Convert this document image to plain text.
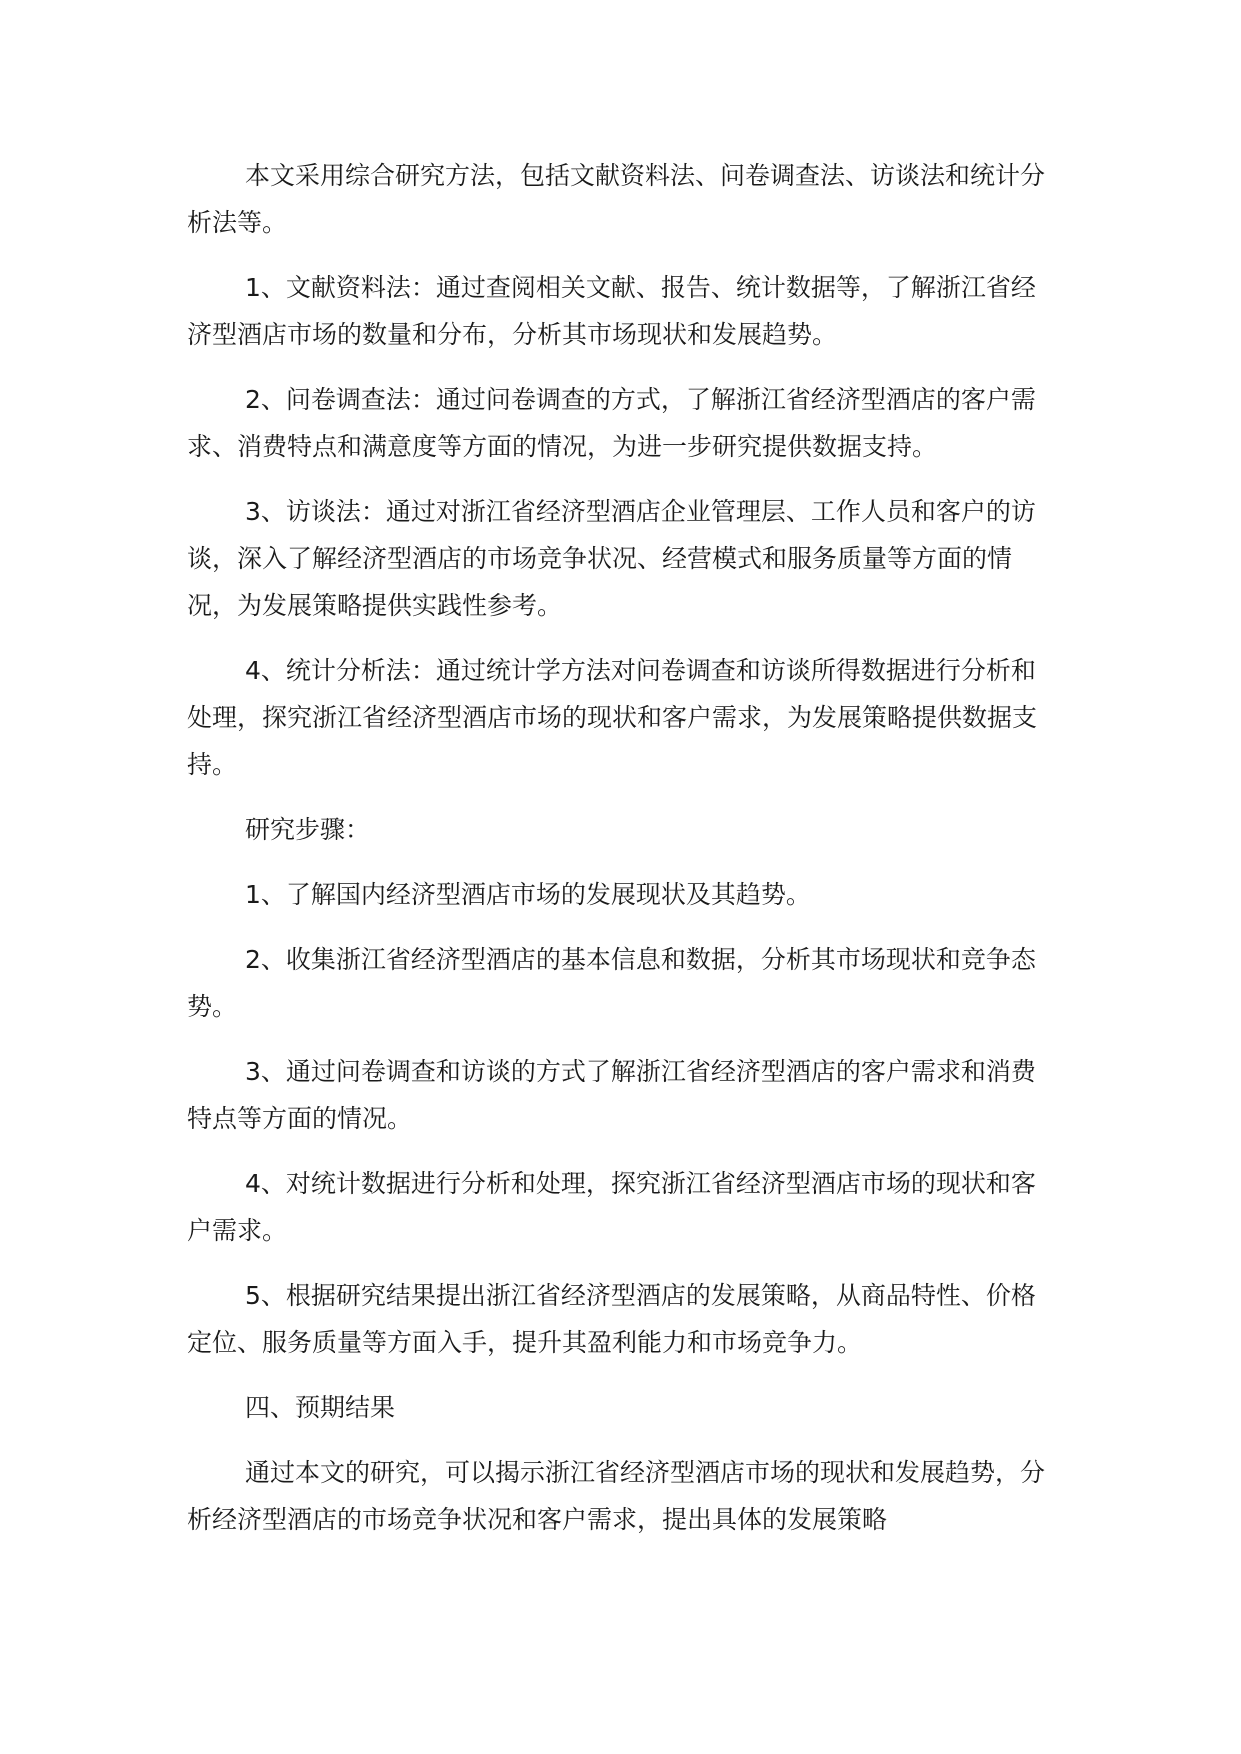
本文采用综合研究方法，包括文献资料法、问卷调查法、访谈法和统计分析法等。

1、文献资料法：通过查阅相关文献、报告、统计数据等，了解浙江省经济型酒店市场的数量和分布，分析其市场现状和发展趋势。

2、问卷调查法：通过问卷调查的方式，了解浙江省经济型酒店的客户需求、消费特点和满意度等方面的情况，为进一步研究提供数据支持。

3、访谈法：通过对浙江省经济型酒店企业管理层、工作人员和客户的访谈，深入了解经济型酒店的市场竞争状况、经营模式和服务质量等方面的情况，为发展策略提供实践性参考。

4、统计分析法：通过统计学方法对问卷调查和访谈所得数据进行分析和处理，探究浙江省经济型酒店市场的现状和客户需求，为发展策略提供数据支持。

研究步骤：

1、了解国内经济型酒店市场的发展现状及其趋势。

2、收集浙江省经济型酒店的基本信息和数据，分析其市场现状和竞争态势。

3、通过问卷调查和访谈的方式了解浙江省经济型酒店的客户需求和消费特点等方面的情况。

4、对统计数据进行分析和处理，探究浙江省经济型酒店市场的现状和客户需求。

5、根据研究结果提出浙江省经济型酒店的发展策略，从商品特性、价格定位、服务质量等方面入手，提升其盈利能力和市场竞争力。

四、预期结果

通过本文的研究，可以揭示浙江省经济型酒店市场的现状和发展趋势，分析经济型酒店的市场竞争状况和客户需求，提出具体的发展策略
